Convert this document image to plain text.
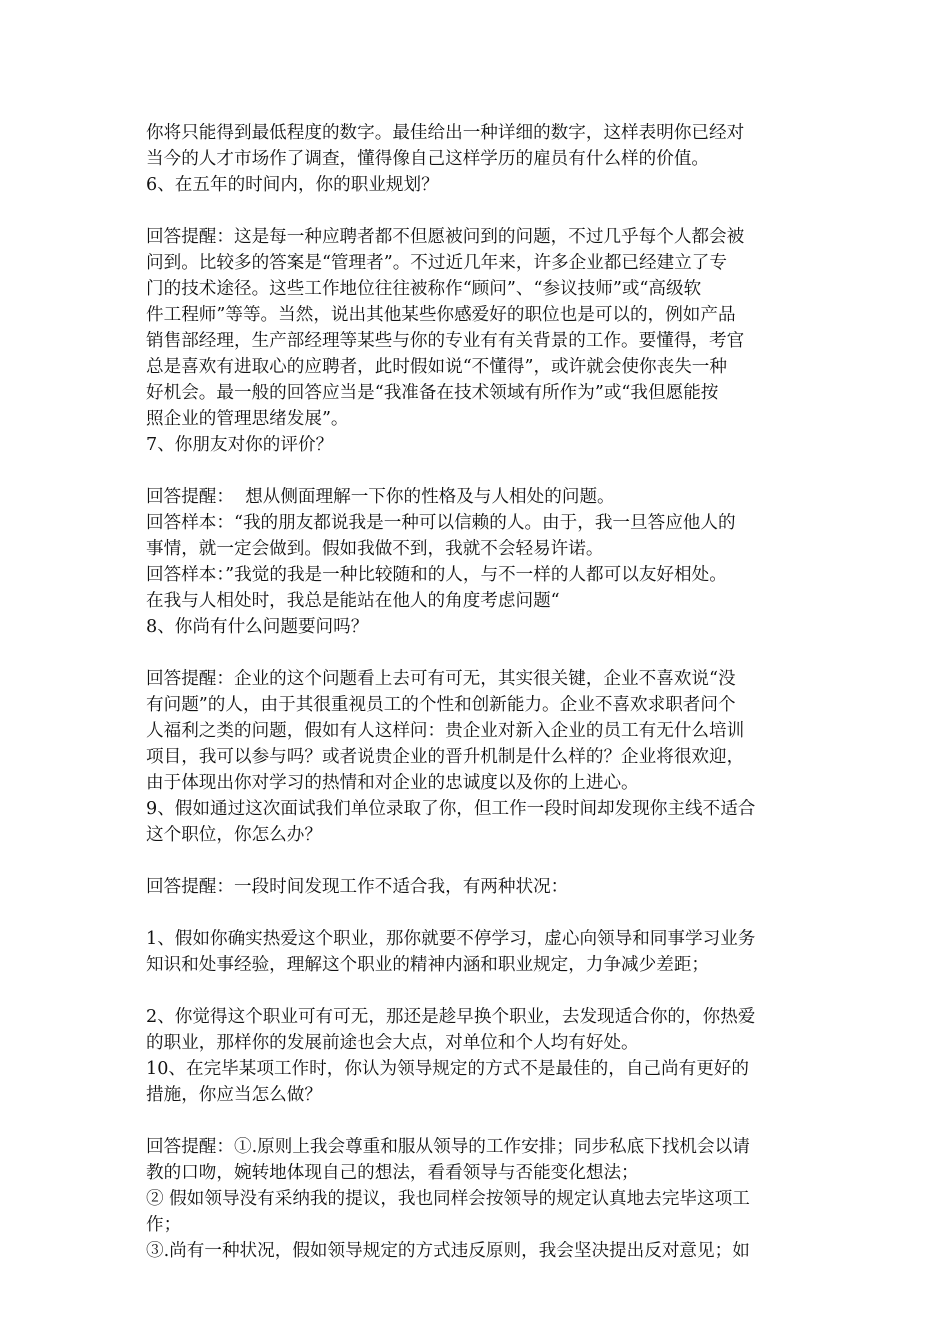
你将只能得到最低程度的数字。最佳给出一种详细的数字，这样表明你已经对
当今的人才市场作了调查，懂得像自己这样学历的雇员有什么样的价值。
6、在五年的时间内，你的职业规划？
回答提醒：这是每一种应聘者都不但愿被问到的问题，不过几乎每个人都会被
问到。比较多的答案是“管理者”。不过近几年来，许多企业都已经建立了专
门的技术途径。这些工作地位往往被称作“顾问”、“参议技师”或“高级软
件工程师”等等。当然，说出其他某些你感爱好的职位也是可以的，例如产品
销售部经理，生产部经理等某些与你的专业有有关背景的工作。要懂得，考官
总是喜欢有进取心的应聘者，此时假如说“不懂得”，或许就会使你丧失一种
好机会。最一般的回答应当是“我准备在技术领域有所作为”或“我但愿能按
照企业的管理思绪发展”。
7、你朋友对你的评价？
回答提醒：  想从侧面理解一下你的性格及与人相处的问题。
回答样本：“我的朋友都说我是一种可以信赖的人。由于，我一旦答应他人的
事情，就一定会做到。假如我做不到，我就不会轻易许诺。
回答样本：”我觉的我是一种比较随和的人，与不一样的人都可以友好相处。
在我与人相处时，我总是能站在他人的角度考虑问题“
8、你尚有什么问题要问吗？
回答提醒：企业的这个问题看上去可有可无，其实很关键，企业不喜欢说“没
有问题”的人，由于其很重视员工的个性和创新能力。企业不喜欢求职者问个
人福利之类的问题，假如有人这样问：贵企业对新入企业的员工有无什么培训
项目，我可以参与吗？或者说贵企业的晋升机制是什么样的？企业将很欢迎，
由于体现出你对学习的热情和对企业的忠诚度以及你的上进心。
9、假如通过这次面试我们单位录取了你，但工作一段时间却发现你主线不适合
这个职位，你怎么办？
回答提醒：一段时间发现工作不适合我，有两种状况：
1、假如你确实热爱这个职业，那你就要不停学习，虚心向领导和同事学习业务
知识和处事经验，理解这个职业的精神内涵和职业规定，力争减少差距；
2、你觉得这个职业可有可无，那还是趁早换个职业，去发现适合你的，你热爱
的职业，那样你的发展前途也会大点，对单位和个人均有好处。
10、在完毕某项工作时，你认为领导规定的方式不是最佳的，自己尚有更好的
措施，你应当怎么做？
回答提醒：①.原则上我会尊重和服从领导的工作安排；同步私底下找机会以请
教的口吻，婉转地体现自己的想法，看看领导与否能变化想法；
② 假如领导没有采纳我的提议，我也同样会按领导的规定认真地去完毕这项工
作；
③.尚有一种状况，假如领导规定的方式违反原则，我会坚决提出反对意见；如
